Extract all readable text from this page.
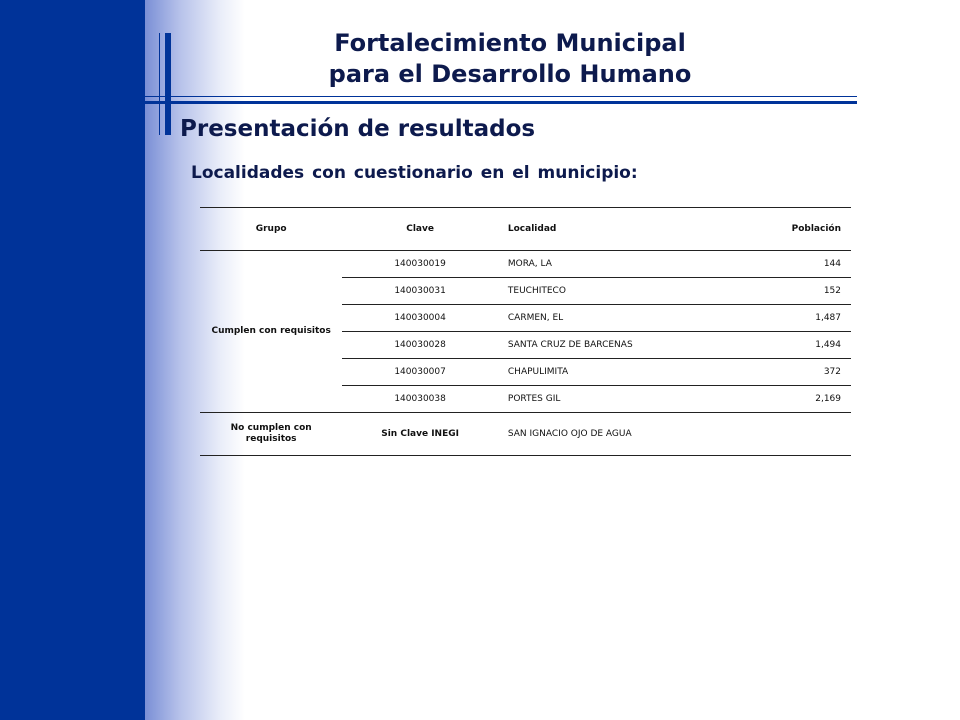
Fortalecimiento Municipal
para el Desarrollo Humano
Presentación de resultados
Localidades con cuestionario en el municipio:
Grupo	Clave	Localidad	Población
Cumplen con requisitos	140030019	MORA, LA	144
	140030031	TEUCHITECO	152
	140030004	CARMEN, EL	1,487
	140030028	SANTA CRUZ DE BARCENAS	1,494
	140030007	CHAPULIMITA	372
	140030038	PORTES GIL	2,169
No cumplen con requisitos	Sin Clave INEGI	SAN IGNACIO OJO DE AGUA	
